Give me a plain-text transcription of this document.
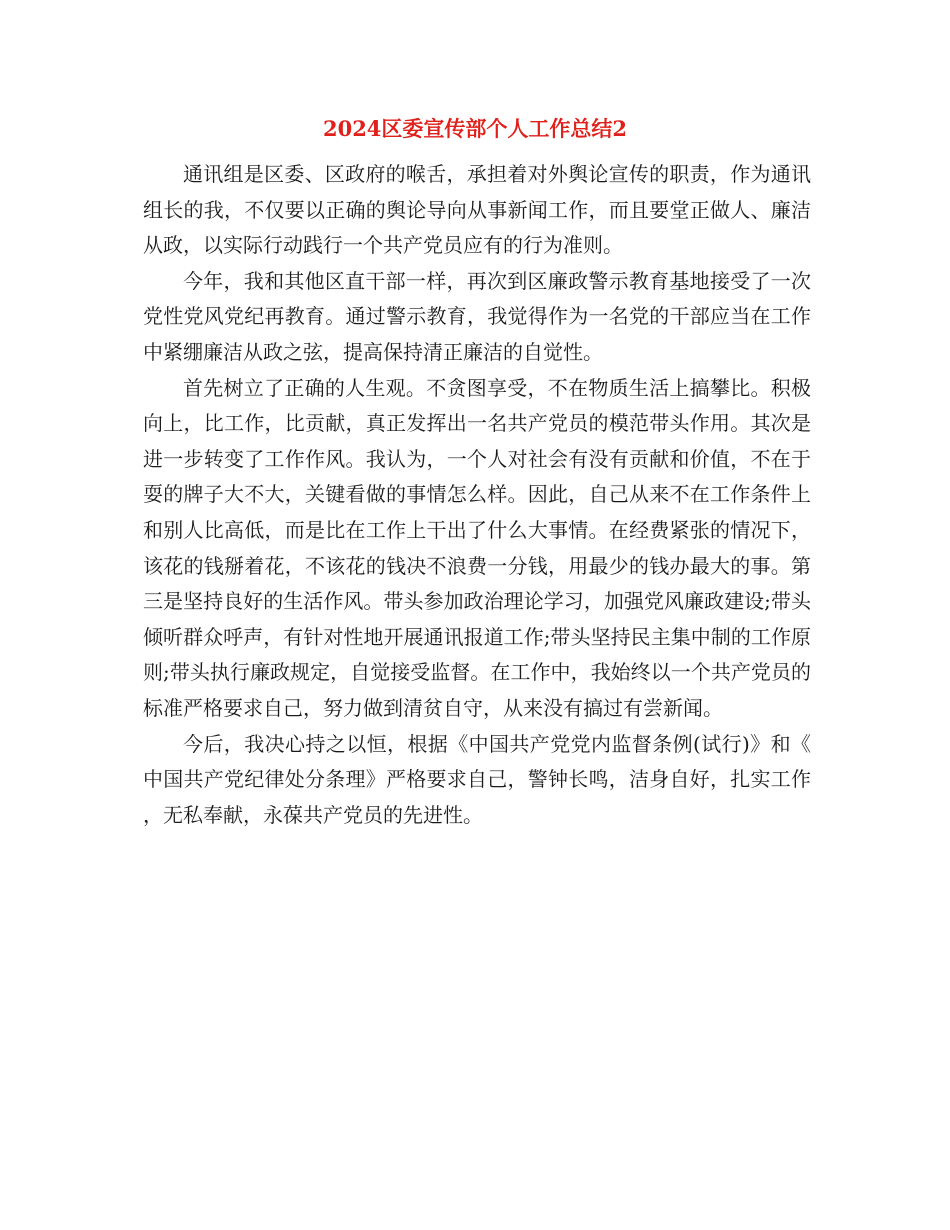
2024区委宣传部个人工作总结2

通讯组是区委、区政府的喉舌，承担着对外舆论宣传的职责，作为通讯组长的我，不仅要以正确的舆论导向从事新闻工作，而且要堂正做人、廉洁从政，以实际行动践行一个共产党员应有的行为准则。

今年，我和其他区直干部一样，再次到区廉政警示教育基地接受了一次党性党风党纪再教育。通过警示教育，我觉得作为一名党的干部应当在工作中紧绷廉洁从政之弦，提高保持清正廉洁的自觉性。

首先树立了正确的人生观。不贪图享受，不在物质生活上搞攀比。积极向上，比工作，比贡献，真正发挥出一名共产党员的模范带头作用。其次是进一步转变了工作作风。我认为，一个人对社会有没有贡献和价值，不在于耍的牌子大不大，关键看做的事情怎么样。因此，自己从来不在工作条件上和别人比高低，而是比在工作上干出了什么大事情。在经费紧张的情况下，该花的钱掰着花，不该花的钱决不浪费一分钱，用最少的钱办最大的事。第三是坚持良好的生活作风。带头参加政治理论学习，加强党风廉政建设;带头倾听群众呼声，有针对性地开展通讯报道工作;带头坚持民主集中制的工作原则;带头执行廉政规定，自觉接受监督。在工作中，我始终以一个共产党员的标准严格要求自己，努力做到清贫自守，从来没有搞过有尝新闻。

今后，我决心持之以恒，根据《中国共产党党内监督条例(试行)》和《中国共产党纪律处分条理》严格要求自己，警钟长鸣，洁身自好，扎实工作，无私奉献，永葆共产党员的先进性。
